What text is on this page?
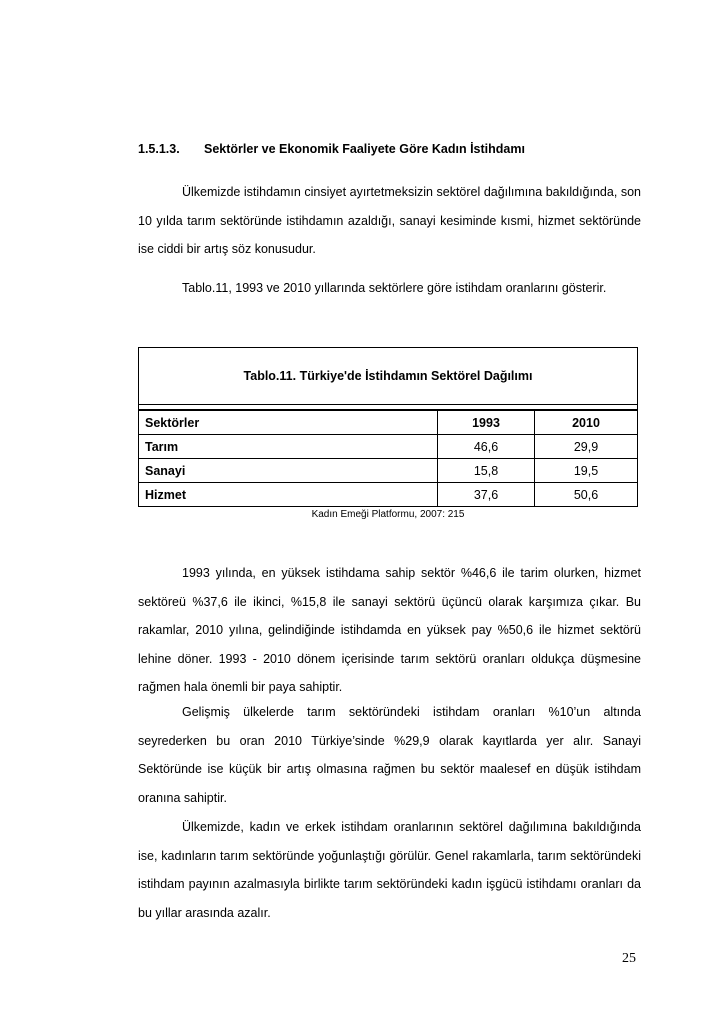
1.5.1.3. Sektörler ve Ekonomik Faaliyete Göre Kadın İstihdamı
Ülkemizde istihdamın cinsiyet ayırtetmeksizin sektörel dağılımına bakıldığında, son 10 yılda tarım sektöründe istihdamın azaldığı, sanayi kesiminde kısmi, hizmet sektöründe ise ciddi bir artış söz konusudur.
Tablo.11, 1993 ve 2010 yıllarında sektörlere göre istihdam oranlarını gösterir.
Tablo.11. Türkiye'de İstihdamın Sektörel Dağılımı
Sektörler	1993	2010
Tarım	46,6	29,9
Sanayi	15,8	19,5
Hizmet	37,6	50,6
Kadın Emeği Platformu, 2007: 215
1993 yılında, en yüksek istihdama sahip sektör %46,6 ile tarim olurken, hizmet sektöreü %37,6 ile ikinci, %15,8 ile sanayi sektörü üçüncü olarak karşımıza çıkar. Bu rakamlar, 2010 yılına, gelindiğinde istihdamda en yüksek pay %50,6 ile hizmet sektörü lehine döner. 1993 - 2010 dönem içerisinde tarım sektörü oranları oldukça düşmesine rağmen hala önemli bir paya sahiptir.
Gelişmiş ülkelerde tarım sektöründeki istihdam oranları %10’un altında seyrederken bu oran 2010 Türkiye’sinde %29,9 olarak kayıtlarda yer alır. Sanayi Sektöründe ise küçük bir artış olmasına rağmen bu sektör maalesef en düşük istihdam oranına sahiptir.
Ülkemizde, kadın ve erkek istihdam oranlarının sektörel dağılımına bakıldığında ise, kadınların tarım sektöründe yoğunlaştığı görülür. Genel rakamlarla, tarım sektöründeki istihdam payının azalmasıyla birlikte tarım sektöründeki kadın işgücü istihdamı oranları da bu yıllar arasında azalır.
25
